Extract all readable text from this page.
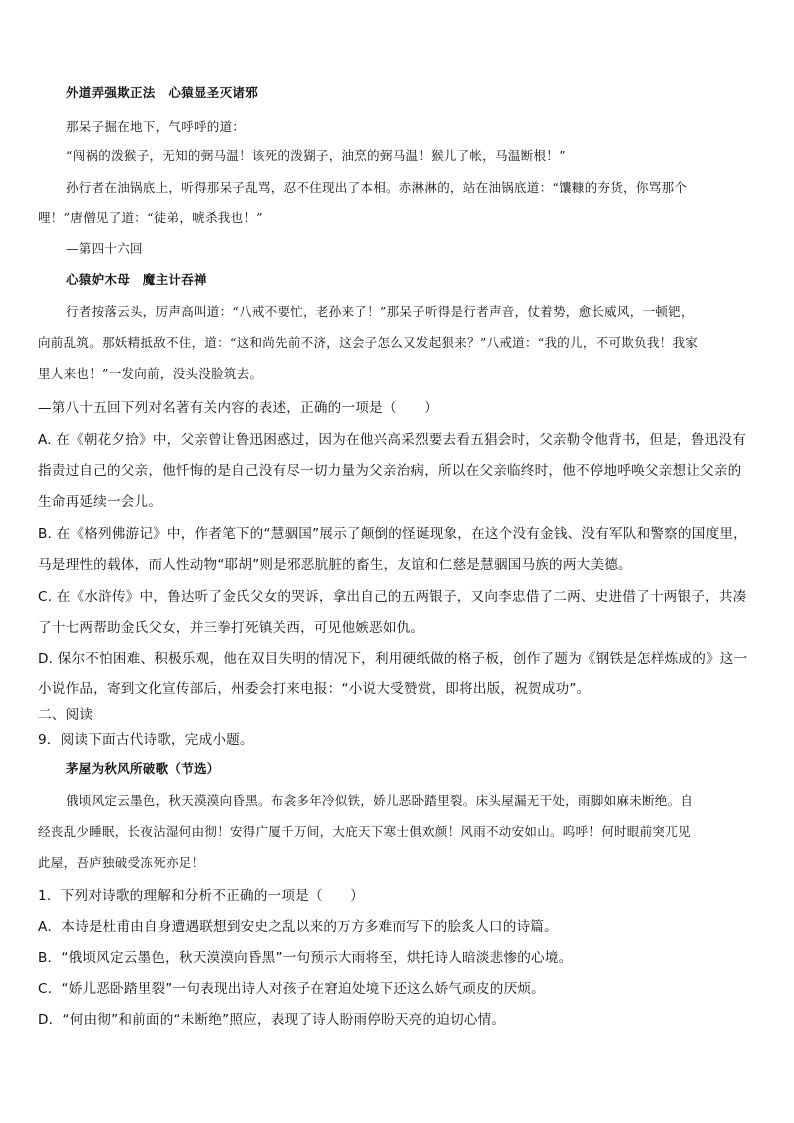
外道弄强欺正法　心猿显圣灭诸邪
那呆子掘在地下，气呼呼的道：
“闯祸的泼猴子，无知的弼马温！该死的泼猢子，油烹的弼马温！猴儿了帐，马温断根！”
孙行者在油锅底上，听得那呆子乱骂，忍不住现出了本相。赤淋淋的，站在油锅底道：“馕糠的夯货，你骂那个
哩！”唐僧见了道：“徒弟，唬杀我也！”
—第四十六回
心猿妒木母　魔主计吞禅
行者按落云头，厉声高叫道：“八戒不要忙，老孙来了！”那呆子听得是行者声音，仗着势，愈长威风，一顿钯，
向前乱筑。那妖精抵敌不住，道：“这和尚先前不济，这会子怎么又发起狠来？”八戒道：“我的儿，不可欺负我！我家
里人来也！”一发向前，没头没脸筑去。
—第八十五回下列对名著有关内容的表述，正确的一项是（　　）
A. 在《朝花夕拾》中，父亲曾让鲁迅困惑过，因为在他兴高采烈要去看五猖会时，父亲勒令他背书，但是，鲁迅没有
指责过自己的父亲，他忏悔的是自己没有尽一切力量为父亲治病，所以在父亲临终时，他不停地呼唤父亲想让父亲的
生命再延续一会儿。
B. 在《格列佛游记》中，作者笔下的“慧骃国”展示了颠倒的怪诞现象，在这个没有金钱、没有军队和警察的国度里，
马是理性的载体，而人性动物“耶胡”则是邪恶肮脏的畜生，友谊和仁慈是慧骃国马族的两大美德。
C. 在《水浒传》中，鲁达听了金氏父女的哭诉，拿出自己的五两银子，又向李忠借了二两、史进借了十两银子，共凑
了十七两帮助金氏父女，并三拳打死镇关西，可见他嫉恶如仇。
D. 保尔不怕困难、积极乐观，他在双目失明的情况下，利用硬纸做的格子板，创作了题为《钢铁是怎样炼成的》这一
小说作品，寄到文化宣传部后，州委会打来电报：“小说大受赞赏，即将出版，祝贺成功”。
二、阅读
9．阅读下面古代诗歌，完成小题。
茅屋为秋风所破歌（节选）
俄顷风定云墨色，秋天漠漠向昏黑。布衾多年冷似铁，娇儿恶卧踏里裂。床头屋漏无干处，雨脚如麻未断绝。自
经丧乱少睡眠，长夜沾湿何由彻！安得广厦千万间，大庇天下寒士俱欢颜！风雨不动安如山。呜呼！何时眼前突兀见
此屋，吾庐独破受冻死亦足！
1．下列对诗歌的理解和分析不正确的一项是（　　）
A．本诗是杜甫由自身遭遇联想到安史之乱以来的万方多难而写下的脍炙人口的诗篇。
B．“俄顷风定云墨色，秋天漠漠向昏黑”一句预示大雨将至，烘托诗人暗淡悲惨的心境。
C．“娇儿恶卧踏里裂”一句表现出诗人对孩子在窘迫处境下还这么娇气顽皮的厌烦。
D．“何由彻”和前面的“未断绝”照应，表现了诗人盼雨停盼天亮的迫切心情。
